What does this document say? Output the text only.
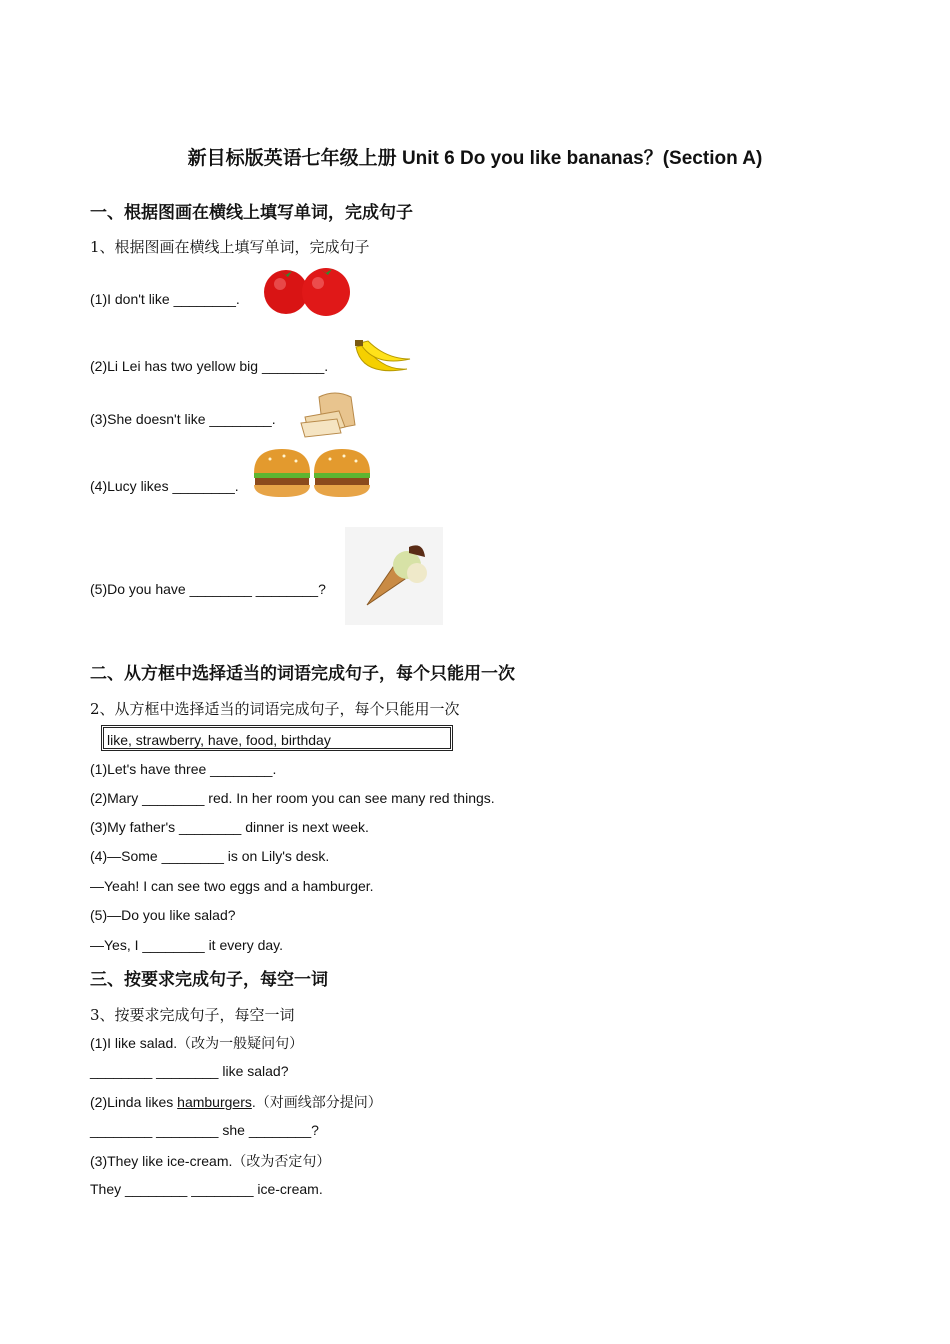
新目标版英语七年级上册 Unit 6 Do you like bananas？(Section A)
一、根据图画在横线上填写单词，完成句子
1、根据图画在横线上填写单词，完成句子
(1)I don't like ________.
(2)Li Lei has two yellow big ________.
(3)She doesn't like ________.
(4)Lucy likes ________.
(5)Do you have ________ ________?
二、从方框中选择适当的词语完成句子，每个只能用一次
2、从方框中选择适当的词语完成句子，每个只能用一次
like, strawberry, have, food, birthday
(1)Let's have three ________.
(2)Mary ________ red. In her room you can see many red things.
(3)My father's ________ dinner is next week.
(4)—Some ________ is on Lily's desk.
—Yeah! I can see two eggs and a hamburger.
(5)—Do you like salad?
—Yes, I ________ it every day.
三、按要求完成句子，每空一词
3、按要求完成句子，每空一词
(1)I like salad.（改为一般疑问句）
________ ________ like salad?
(2)Linda likes hamburgers.（对画线部分提问）
________ ________ she ________?
(3)They like ice-cream.（改为否定句）
They ________ ________ ice-cream.
